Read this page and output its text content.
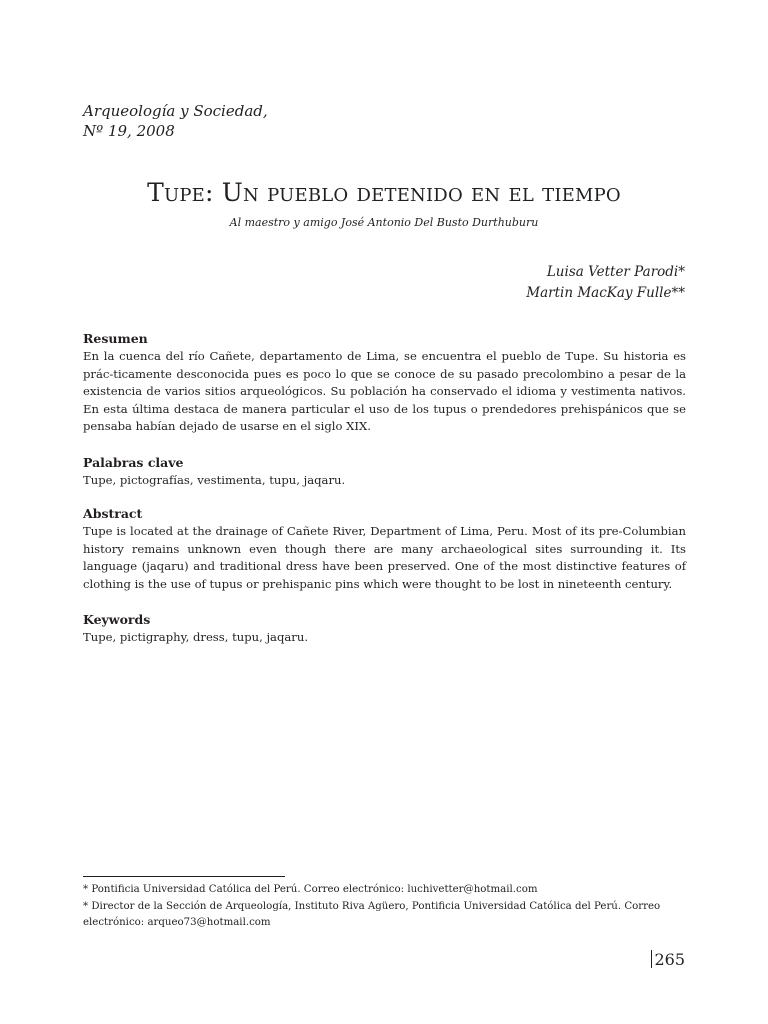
Arqueología y Sociedad,
Nº 19, 2008
Tupe: Un pueblo detenido en el tiempo
Al maestro y amigo José Antonio Del Busto Durthuburu
Luisa Vetter Parodi*
Martin MacKay Fulle**
Resumen
En la cuenca del río Cañete, departamento de Lima, se encuentra el pueblo de Tupe. Su historia es prác-ticamente desconocida pues es poco lo que se conoce de su pasado precolombino a pesar de la existencia de varios sitios arqueológicos. Su población ha conservado el idioma y vestimenta nativos. En esta última destaca de manera particular el uso de los tupus o prendedores prehispánicos que se pensaba habían dejado de usarse en el siglo XIX.
Palabras clave
Tupe, pictografías, vestimenta, tupu, jaqaru.
Abstract
Tupe is located at the drainage of Cañete River, Department of Lima, Peru. Most of its pre-Columbian history remains unknown even though there are many archaeological sites surrounding it. Its language (jaqaru) and traditional dress have been preserved. One of the most distinctive features of clothing is the use of tupus or prehispanic pins which were thought to be lost in nineteenth century.
Keywords
Tupe, pictigraphy, dress, tupu, jaqaru.

* Pontificia Universidad Católica del Perú. Correo electrónico: luchivetter@hotmail.com

* Director de la Sección de Arqueología, Instituto Riva Agüero, Pontificia Universidad Católica del Perú. Correo electrónico: arqueo73@hotmail.com

265
